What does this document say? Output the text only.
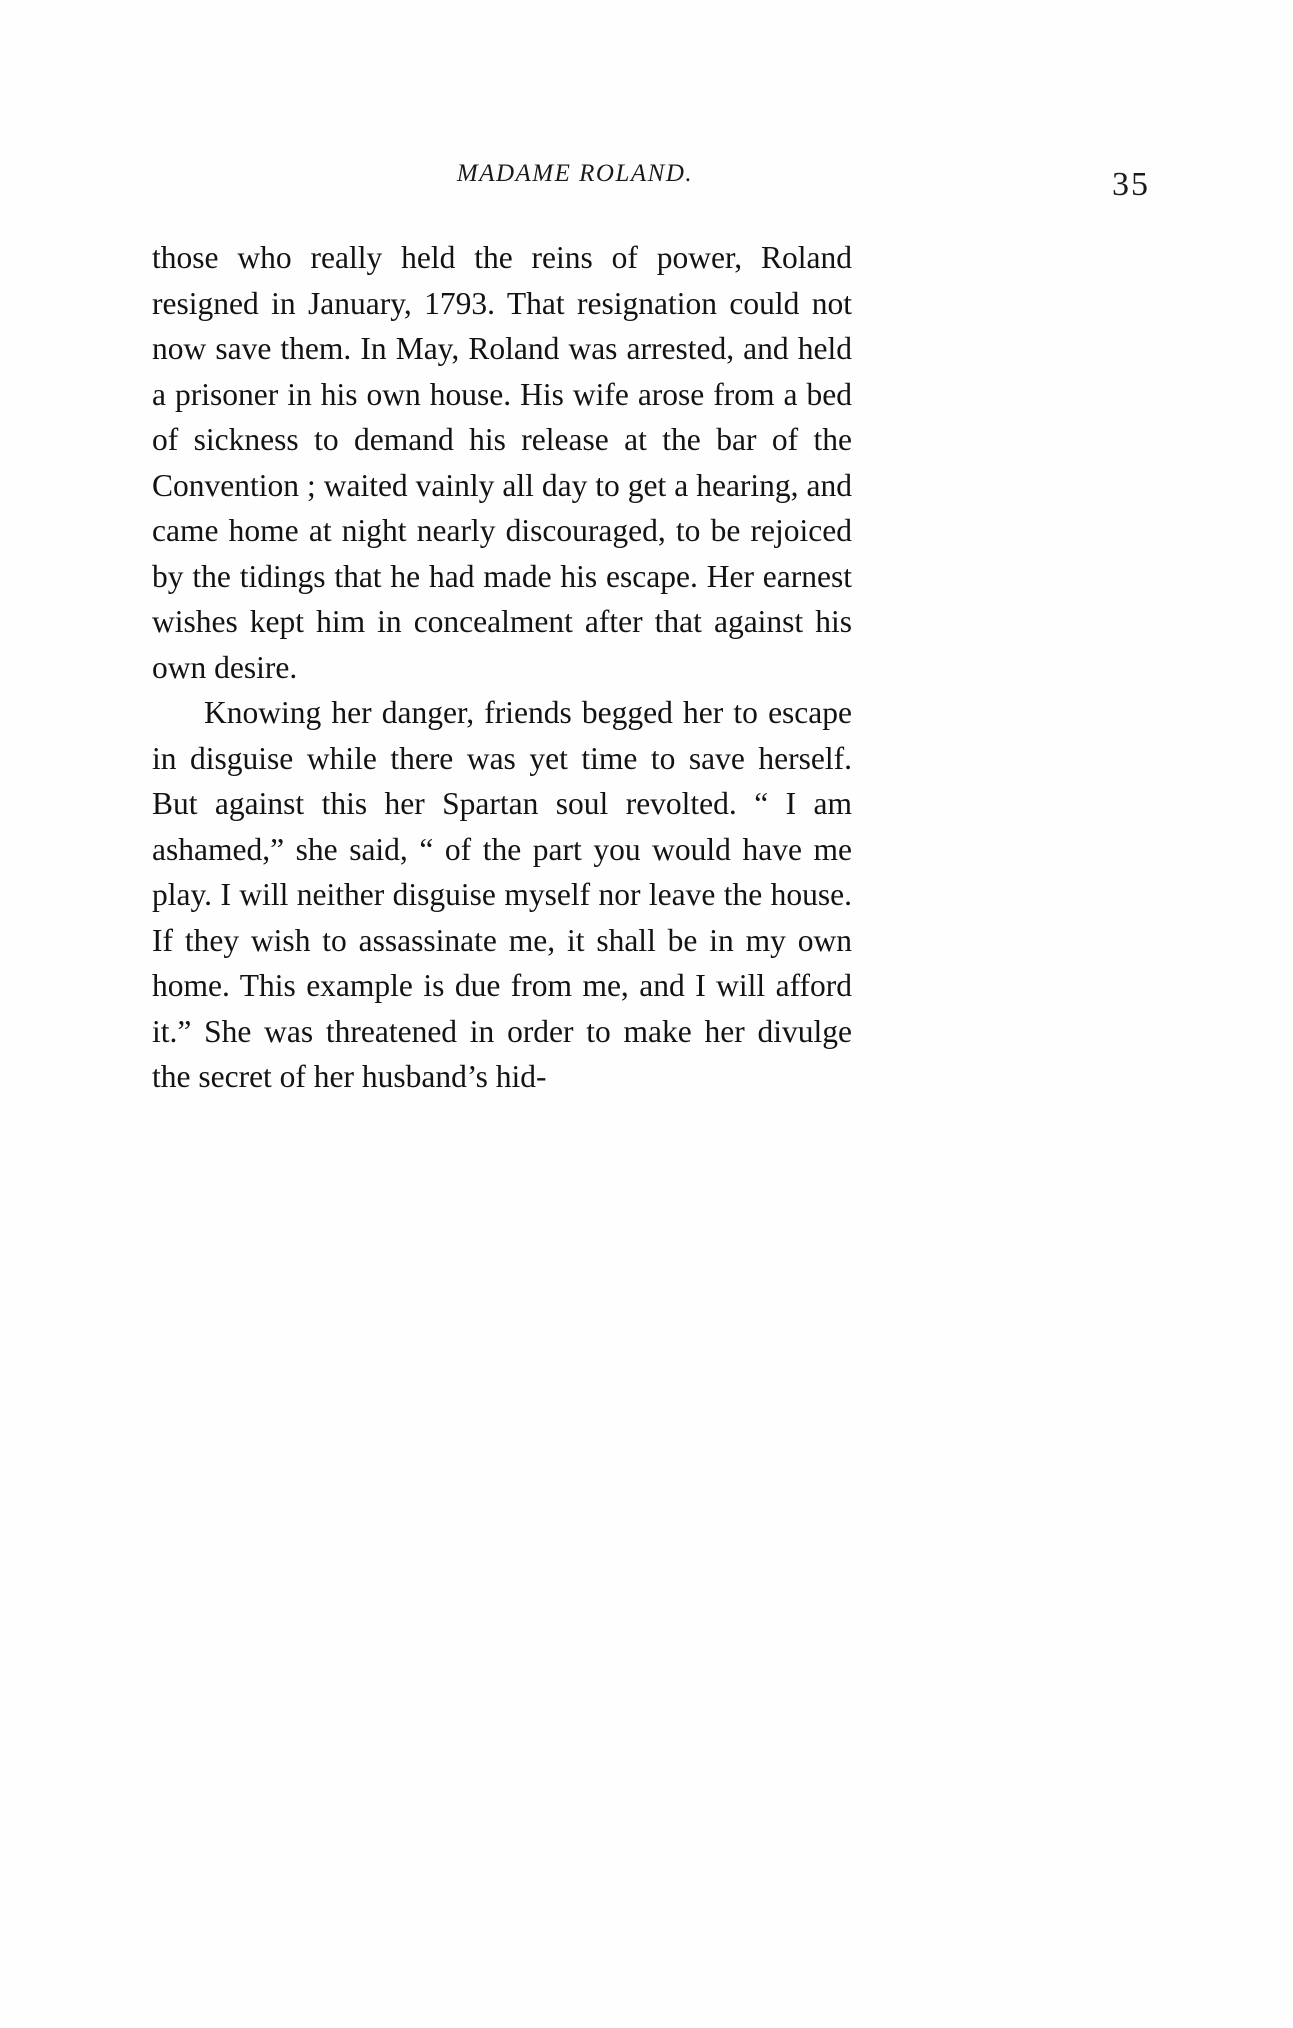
MADAME ROLAND.	35

those who really held the reins of power, Roland resigned in January, 1793. That resignation could not now save them. In May, Roland was arrested, and held a prisoner in his own house. His wife arose from a bed of sickness to demand his release at the bar of the Convention ; waited vainly all day to get a hearing, and came home at night nearly discouraged, to be rejoiced by the tidings that he had made his escape. Her earnest wishes kept him in concealment after that against his own desire.

Knowing her danger, friends begged her to escape in disguise while there was yet time to save herself. But against this her Spartan soul revolted. “ I am ashamed,” she said, “ of the part you would have me play. I will neither disguise myself nor leave the house. If they wish to assassinate me, it shall be in my own home. This example is due from me, and I will afford it.” She was threatened in order to make her divulge the secret of her husband’s hid-
